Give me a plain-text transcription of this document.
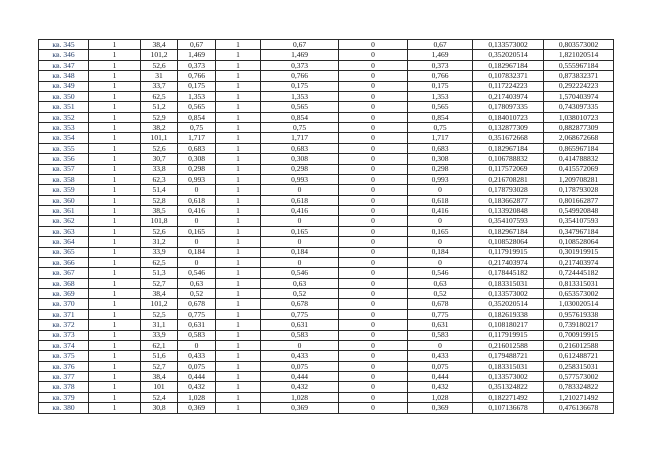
кв. 345	1	38,4	0,67	1	0,67	0	0,67	0,133573002	0,803573002
кв. 346	1	101,2	1,469	1	1,469	0	1,469	0,352020514	1,821020514
кв. 347	1	52,6	0,373	1	0,373	0	0,373	0,182967184	0,555967184
кв. 348	1	31	0,766	1	0,766	0	0,766	0,107832371	0,873832371
кв. 349	1	33,7	0,175	1	0,175	0	0,175	0,117224223	0,292224223
кв. 350	1	62,5	1,353	1	1,353	0	1,353	0,217403974	1,570403974
кв. 351	1	51,2	0,565	1	0,565	0	0,565	0,178097335	0,743097335
кв. 352	1	52,9	0,854	1	0,854	0	0,854	0,184010723	1,038010723
кв. 353	1	38,2	0,75	1	0,75	0	0,75	0,132877309	0,882877309
кв. 354	1	101,1	1,717	1	1,717	0	1,717	0,351672668	2,068672668
кв. 355	1	52,6	0,683	1	0,683	0	0,683	0,182967184	0,865967184
кв. 356	1	30,7	0,308	1	0,308	0	0,308	0,106788832	0,414788832
кв. 357	1	33,8	0,298	1	0,298	0	0,298	0,117572069	0,415572069
кв. 358	1	62,3	0,993	1	0,993	0	0,993	0,216708281	1,209708281
кв. 359	1	51,4	0	1	0	0	0	0,178793028	0,178793028
кв. 360	1	52,8	0,618	1	0,618	0	0,618	0,183662877	0,801662877
кв. 361	1	38,5	0,416	1	0,416	0	0,416	0,133920848	0,549920848
кв. 362	1	101,8	0	1	0	0	0	0,354107593	0,354107593
кв. 363	1	52,6	0,165	1	0,165	0	0,165	0,182967184	0,347967184
кв. 364	1	31,2	0	1	0	0	0	0,108528064	0,108528064
кв. 365	1	33,9	0,184	1	0,184	0	0,184	0,117919915	0,301919915
кв. 366	1	62,5	0	1	0	0	0	0,217403974	0,217403974
кв. 367	1	51,3	0,546	1	0,546	0	0,546	0,178445182	0,724445182
кв. 368	1	52,7	0,63	1	0,63	0	0,63	0,183315031	0,813315031
кв. 369	1	38,4	0,52	1	0,52	0	0,52	0,133573002	0,653573002
кв. 370	1	101,2	0,678	1	0,678	0	0,678	0,352020514	1,030020514
кв. 371	1	52,5	0,775	1	0,775	0	0,775	0,182619338	0,957619338
кв. 372	1	31,1	0,631	1	0,631	0	0,631	0,108180217	0,739180217
кв. 373	1	33,9	0,583	1	0,583	0	0,583	0,117919915	0,700919915
кв. 374	1	62,1	0	1	0	0	0	0,216012588	0,216012588
кв. 375	1	51,6	0,433	1	0,433	0	0,433	0,179488721	0,612488721
кв. 376	1	52,7	0,075	1	0,075	0	0,075	0,183315031	0,258315031
кв. 377	1	38,4	0,444	1	0,444	0	0,444	0,133573002	0,577573002
кв. 378	1	101	0,432	1	0,432	0	0,432	0,351324822	0,783324822
кв. 379	1	52,4	1,028	1	1,028	0	1,028	0,182271492	1,210271492
кв. 380	1	30,8	0,369	1	0,369	0	0,369	0,107136678	0,476136678
